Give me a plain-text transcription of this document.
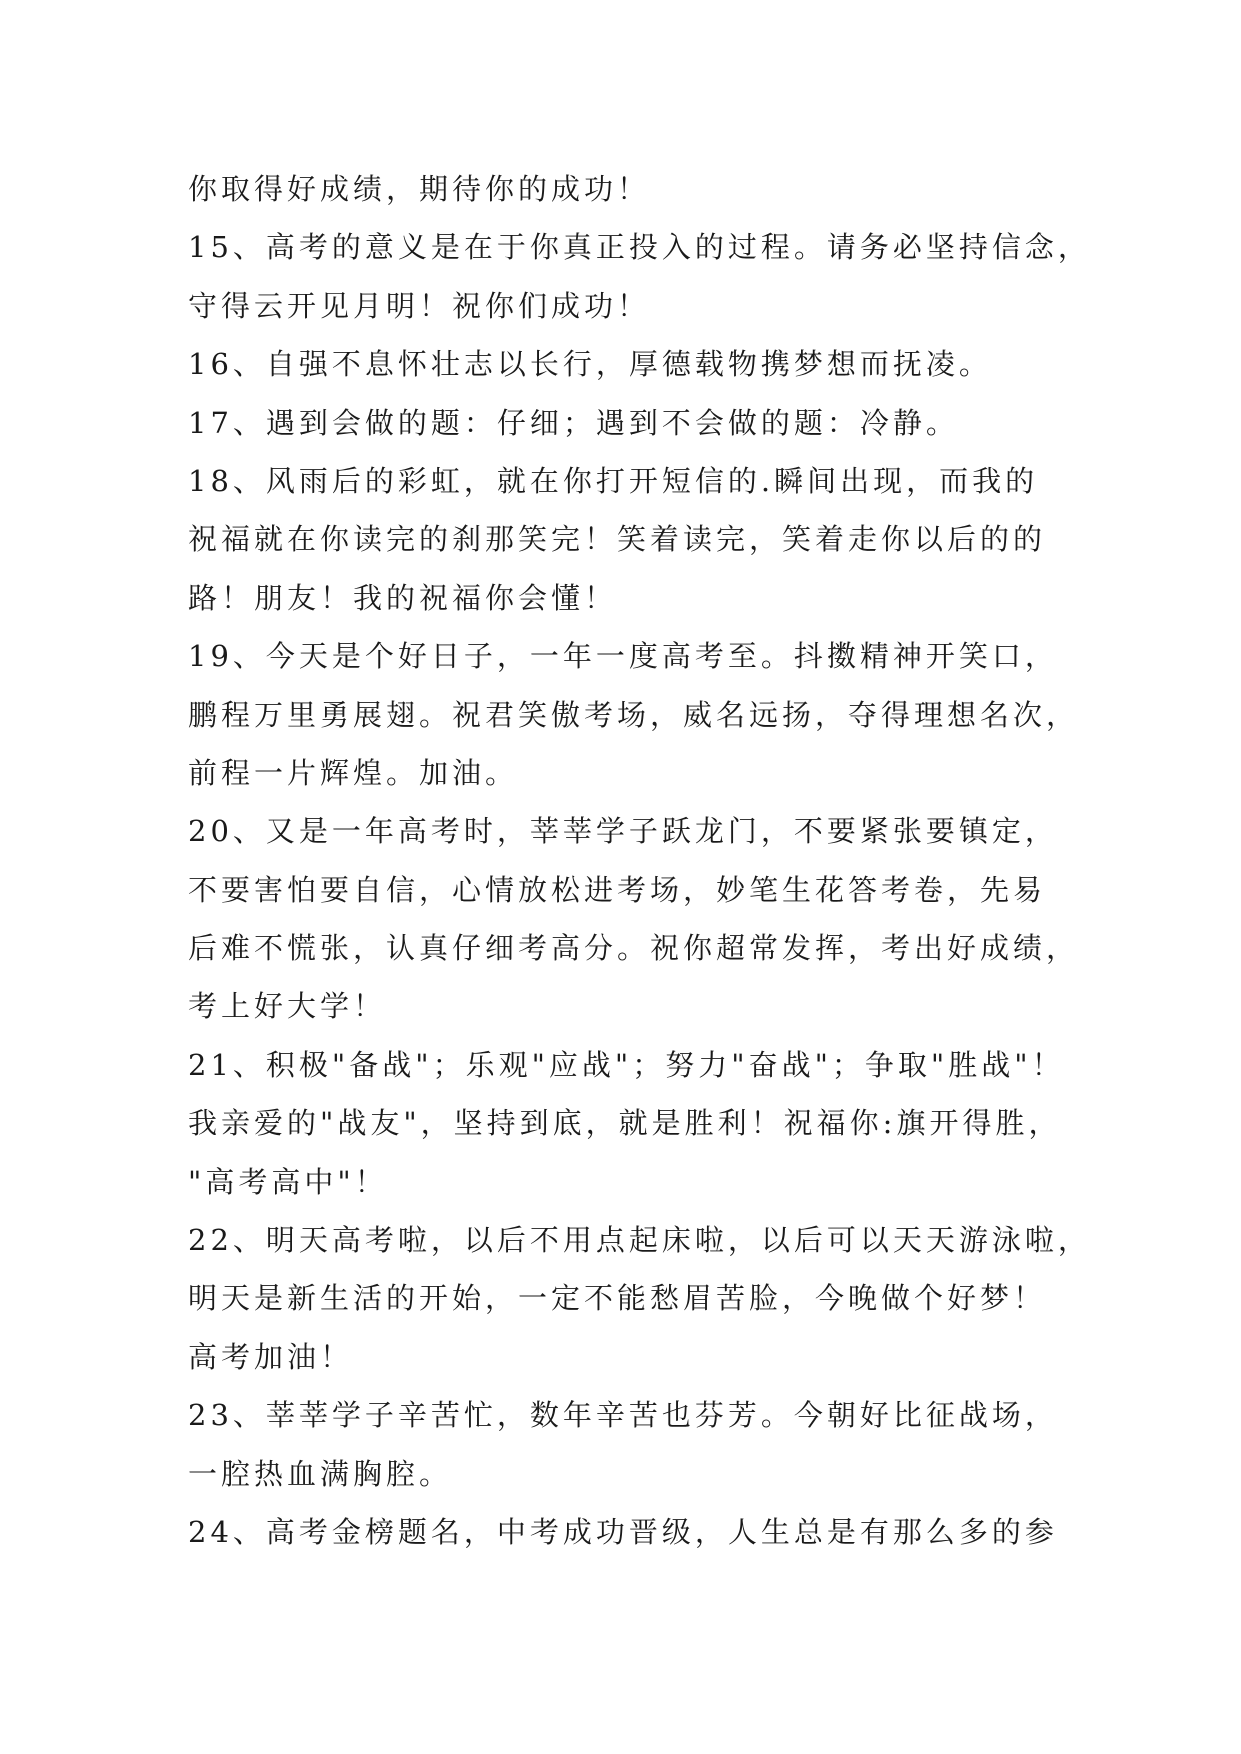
你取得好成绩，期待你的成功！
15、高考的意义是在于你真正投入的过程。请务必坚持信念，
守得云开见月明！祝你们成功！
16、自强不息怀壮志以长行，厚德载物携梦想而抚凌。
17、遇到会做的题：仔细；遇到不会做的题：冷静。
18、风雨后的彩虹，就在你打开短信的.瞬间出现，而我的
祝福就在你读完的刹那笑完！笑着读完，笑着走你以后的的
路！朋友！我的祝福你会懂！
19、今天是个好日子，一年一度高考至。抖擞精神开笑口，
鹏程万里勇展翅。祝君笑傲考场，威名远扬，夺得理想名次，
前程一片辉煌。加油。
20、又是一年高考时，莘莘学子跃龙门，不要紧张要镇定，
不要害怕要自信，心情放松进考场，妙笔生花答考卷，先易
后难不慌张，认真仔细考高分。祝你超常发挥，考出好成绩，
考上好大学！
21、积极"备战"；乐观"应战"；努力"奋战"；争取"胜战"！
我亲爱的"战友"，坚持到底，就是胜利！祝福你:旗开得胜，
"高考高中"！
22、明天高考啦，以后不用点起床啦，以后可以天天游泳啦，
明天是新生活的开始，一定不能愁眉苦脸，今晚做个好梦！
高考加油！
23、莘莘学子辛苦忙，数年辛苦也芬芳。今朝好比征战场，
一腔热血满胸腔。
24、高考金榜题名，中考成功晋级，人生总是有那么多的参
